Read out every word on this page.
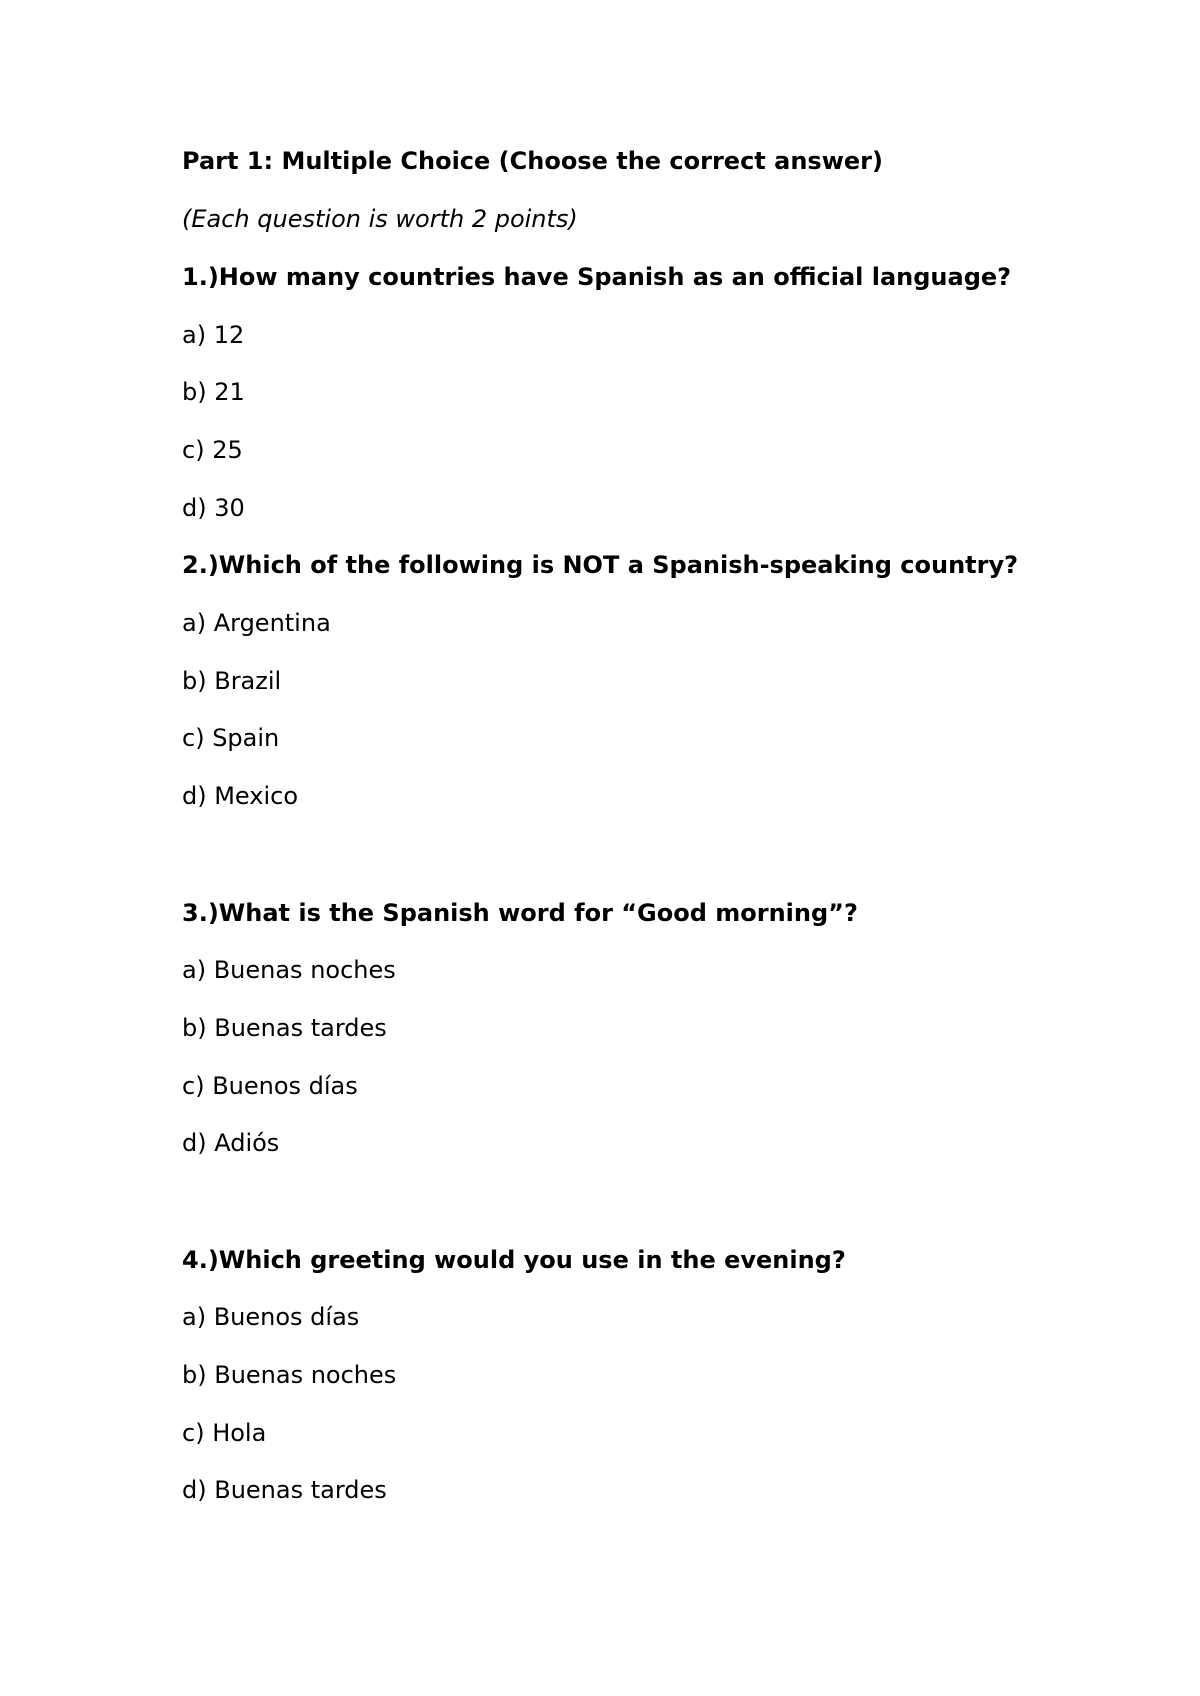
Part 1: Multiple Choice (Choose the correct answer)
(Each question is worth 2 points)
1.)How many countries have Spanish as an official language?
a) 12
b) 21
c) 25
d) 30
2.)Which of the following is NOT a Spanish-speaking country?
a) Argentina
b) Brazil
c) Spain
d) Mexico
3.)What is the Spanish word for “Good morning”?
a) Buenas noches
b) Buenas tardes
c) Buenos días
d) Adiós
4.)Which greeting would you use in the evening?
a) Buenos días
b) Buenas noches
c) Hola
d) Buenas tardes
